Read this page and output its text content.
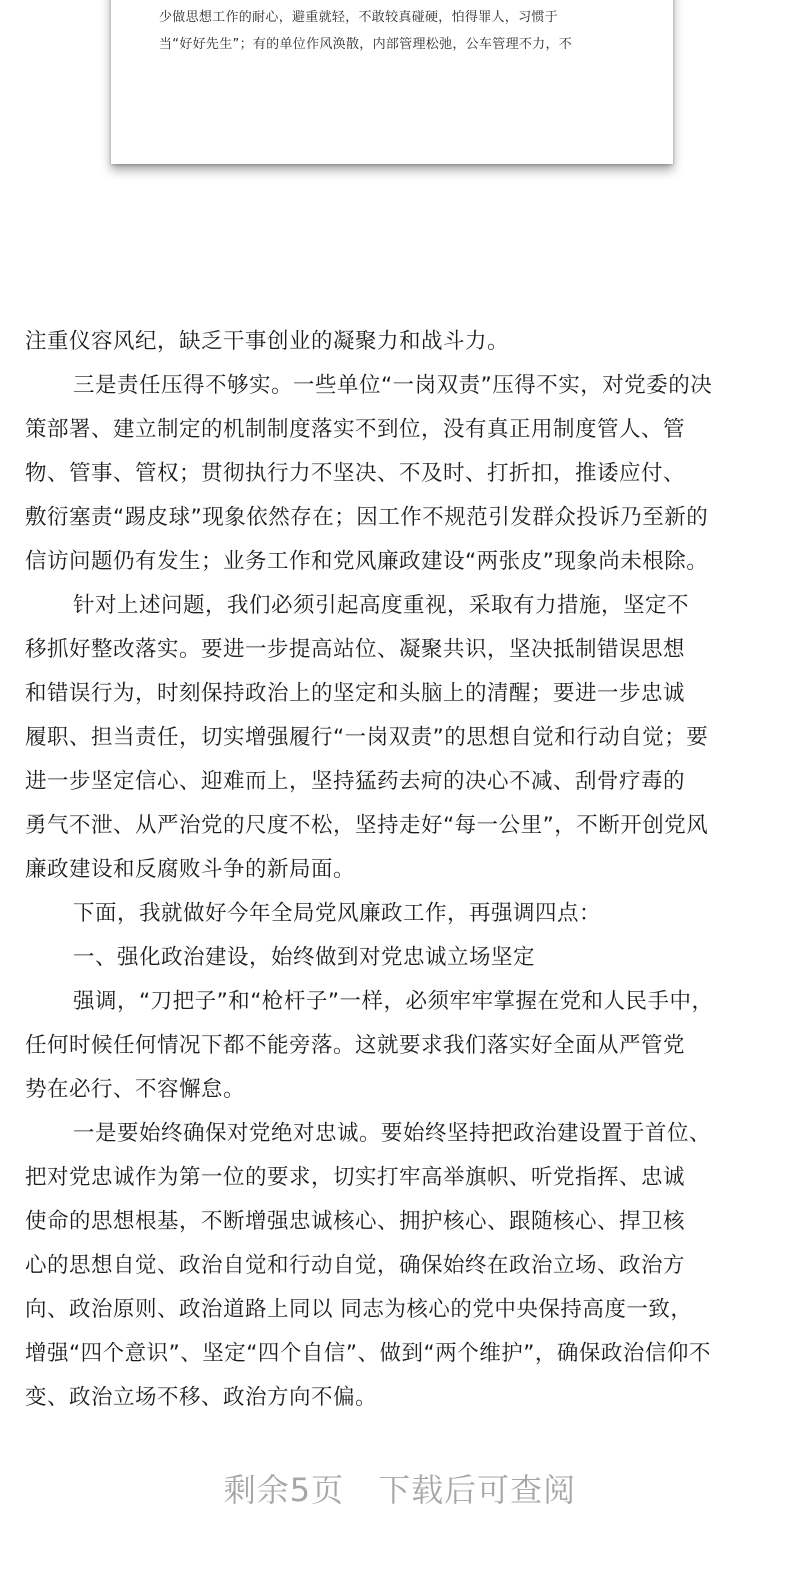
少做思想工作的耐心，避重就轻，不敢较真碰硬，怕得罪人，习惯于
当“好好先生”；有的单位作风涣散，内部管理松弛，公车管理不力，不
注重仪容风纪，缺乏干事创业的凝聚力和战斗力。
三是责任压得不够实。一些单位“一岗双责”压得不实，对党委的决
策部署、建立制定的机制制度落实不到位，没有真正用制度管人、管
物、管事、管权；贯彻执行力不坚决、不及时、打折扣，推诿应付、
敷衍塞责“踢皮球”现象依然存在；因工作不规范引发群众投诉乃至新的
信访问题仍有发生；业务工作和党风廉政建设“两张皮”现象尚未根除。
针对上述问题，我们必须引起高度重视，采取有力措施，坚定不
移抓好整改落实。要进一步提高站位、凝聚共识，坚决抵制错误思想
和错误行为，时刻保持政治上的坚定和头脑上的清醒；要进一步忠诚
履职、担当责任，切实增强履行“一岗双责”的思想自觉和行动自觉；要
进一步坚定信心、迎难而上，坚持猛药去疴的决心不减、刮骨疗毒的
勇气不泄、从严治党的尺度不松，坚持走好“每一公里”，不断开创党风
廉政建设和反腐败斗争的新局面。
下面，我就做好今年全局党风廉政工作，再强调四点：
一、强化政治建设，始终做到对党忠诚立场坚定
强调，“刀把子”和“枪杆子”一样，必须牢牢掌握在党和人民手中，
任何时候任何情况下都不能旁落。这就要求我们落实好全面从严管党
势在必行、不容懈怠。
一是要始终确保对党绝对忠诚。要始终坚持把政治建设置于首位、
把对党忠诚作为第一位的要求，切实打牢高举旗帜、听党指挥、忠诚
使命的思想根基，不断增强忠诚核心、拥护核心、跟随核心、捍卫核
心的思想自觉、政治自觉和行动自觉，确保始终在政治立场、政治方
向、政治原则、政治道路上同以 同志为核心的党中央保持高度一致，
增强“四个意识”、坚定“四个自信”、做到“两个维护”，确保政治信仰不
变、政治立场不移、政治方向不偏。
剩余5页 下载后可查阅
